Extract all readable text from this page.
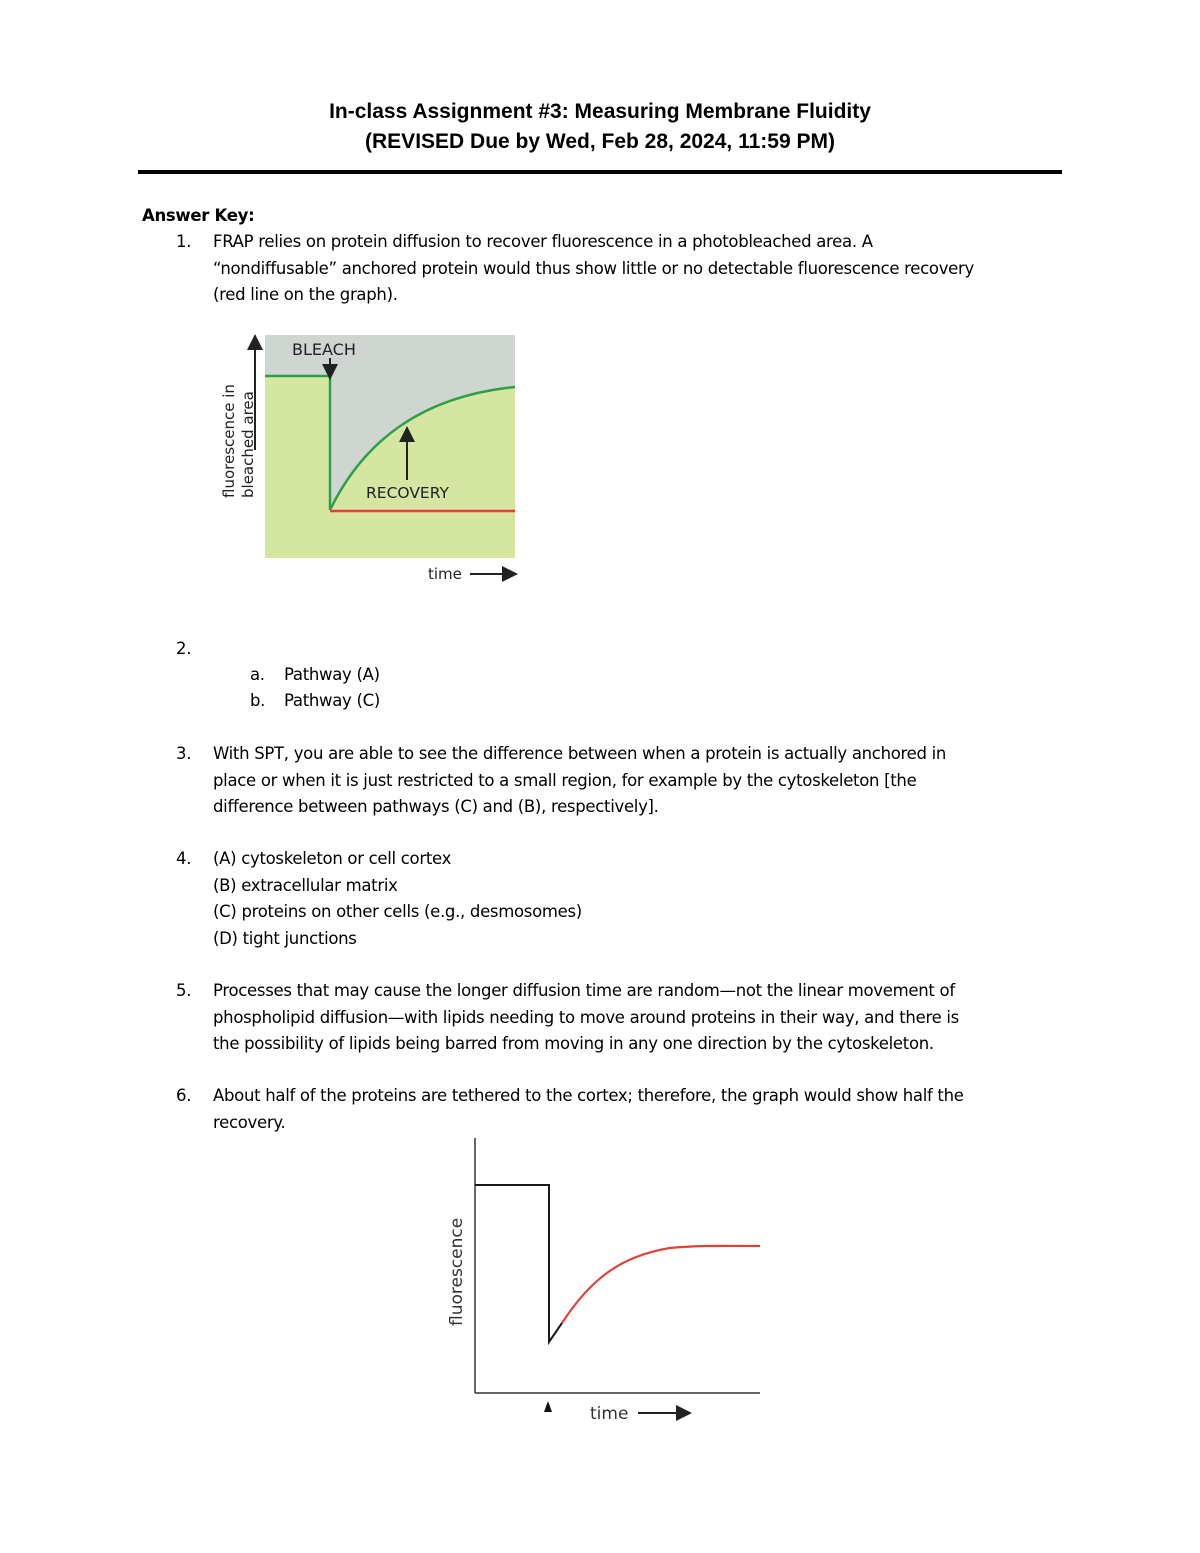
In-class Assignment #3: Measuring Membrane Fluidity
(REVISED Due by Wed, Feb 28, 2024, 11:59 PM)
Answer Key:
1. FRAP relies on protein diffusion to recover fluorescence in a photobleached area. A
“nondiffusable” anchored protein would thus show little or no detectable fluorescence recovery
(red line on the graph).
BLEACH
RECOVERY
fluorescence in bleached area
time
2.
a. Pathway (A)
b. Pathway (C)
3. With SPT, you are able to see the difference between when a protein is actually anchored in
place or when it is just restricted to a small region, for example by the cytoskeleton [the
difference between pathways (C) and (B), respectively].
4. (A) cytoskeleton or cell cortex
(B) extracellular matrix
(C) proteins on other cells (e.g., desmosomes)
(D) tight junctions
5. Processes that may cause the longer diffusion time are random—not the linear movement of
phospholipid diffusion—with lipids needing to move around proteins in their way, and there is
the possibility of lipids being barred from moving in any one direction by the cytoskeleton.
6. About half of the proteins are tethered to the cortex; therefore, the graph would show half the
recovery.
fluorescence
time
